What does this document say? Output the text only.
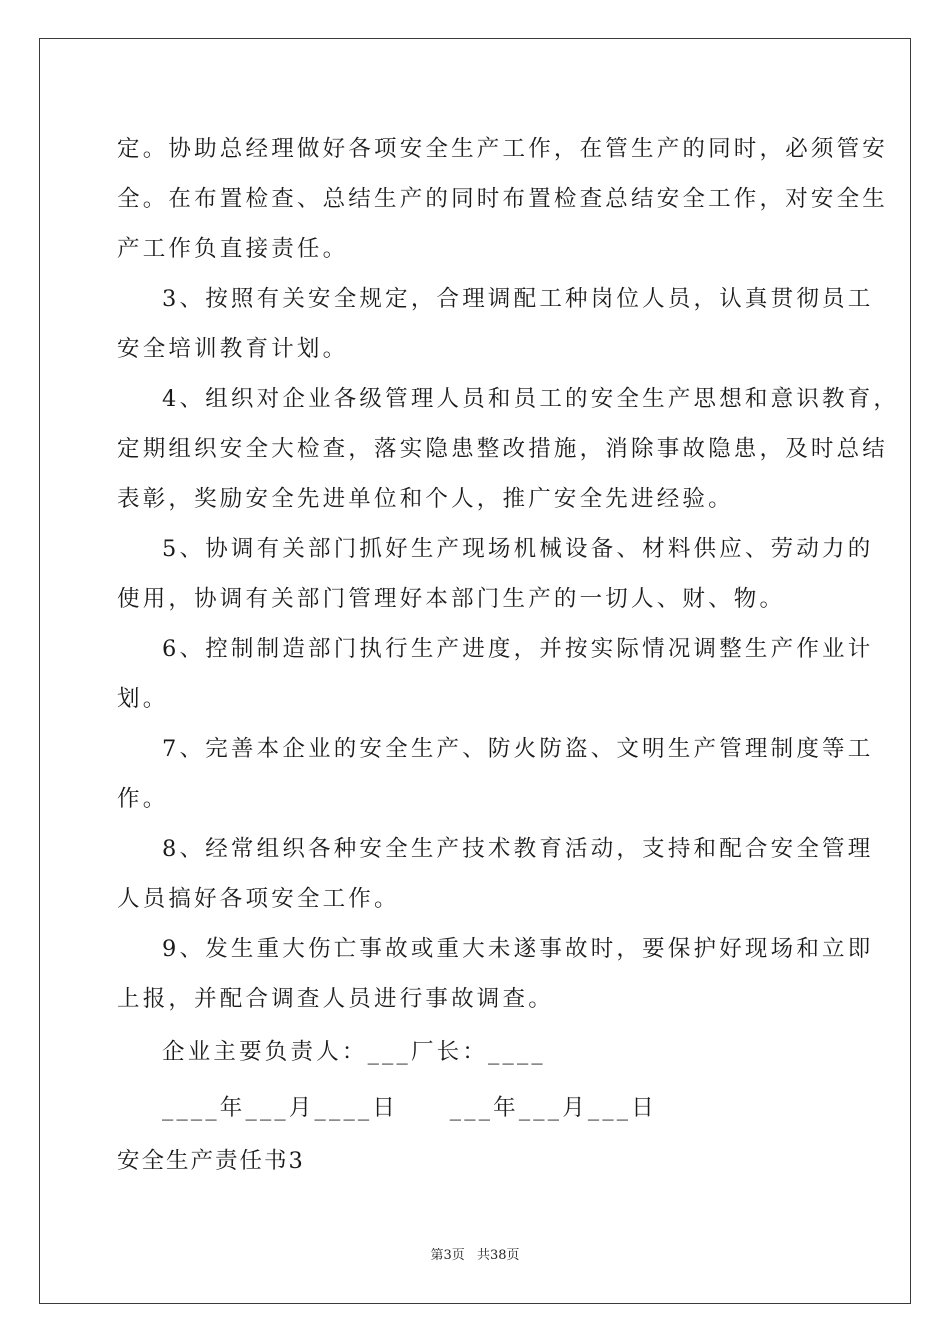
定。协助总经理做好各项安全生产工作，在管生产的同时，必须管安
全。在布置检查、总结生产的同时布置检查总结安全工作，对安全生
产工作负直接责任。
3、按照有关安全规定，合理调配工种岗位人员，认真贯彻员工
安全培训教育计划。
4、组织对企业各级管理人员和员工的安全生产思想和意识教育，
定期组织安全大检查，落实隐患整改措施，消除事故隐患，及时总结
表彰，奖励安全先进单位和个人，推广安全先进经验。
5、协调有关部门抓好生产现场机械设备、材料供应、劳动力的
使用，协调有关部门管理好本部门生产的一切人、财、物。
6、控制制造部门执行生产进度，并按实际情况调整生产作业计
划。
7、完善本企业的安全生产、防火防盗、文明生产管理制度等工
作。
8、经常组织各种安全生产技术教育活动，支持和配合安全管理
人员搞好各项安全工作。
9、发生重大伤亡事故或重大未遂事故时，要保护好现场和立即
上报，并配合调查人员进行事故调查。
企业主要负责人：___厂长：____
____年___月____日     ___年___月___日
安全生产责任书3
第3页 共38页
